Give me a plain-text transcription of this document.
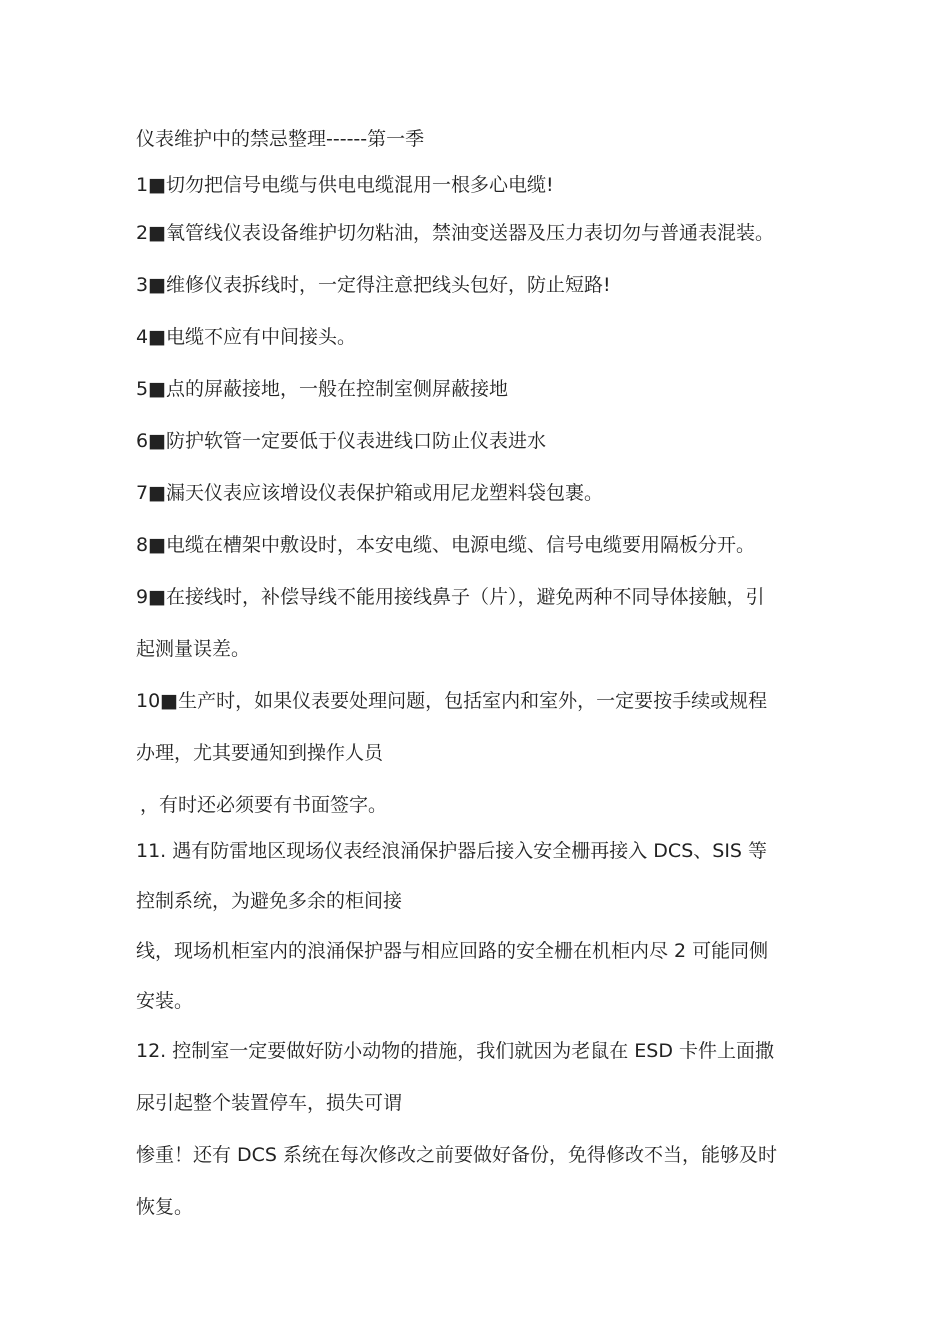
仪表维护中的禁忌整理------第一季
1■切勿把信号电缆与供电电缆混用一根多心电缆!
2■氧管线仪表设备维护切勿粘油，禁油变送器及压力表切勿与普通表混装。
3■维修仪表拆线时，一定得注意把线头包好，防止短路!
4■电缆不应有中间接头。
5■点的屏蔽接地，一般在控制室侧屏蔽接地
6■防护软管一定要低于仪表进线口防止仪表进水
7■漏天仪表应该增设仪表保护箱或用尼龙塑料袋包裹。
8■电缆在槽架中敷设时，本安电缆、电源电缆、信号电缆要用隔板分开。
9■在接线时，补偿导线不能用接线鼻子（片），避免两种不同导体接触，引
起测量误差。
10■生产时，如果仪表要处理问题，包括室内和室外，一定要按手续或规程
办理，尤其要通知到操作人员
，有时还必须要有书面签字。
11. 遇有防雷地区现场仪表经浪涌保护器后接入安全栅再接入 DCS、SIS 等
控制系统，为避免多余的柜间接
线，现场机柜室内的浪涌保护器与相应回路的安全栅在机柜内尽 2 可能同侧
安装。
12. 控制室一定要做好防小动物的措施，我们就因为老鼠在 ESD 卡件上面撒
尿引起整个装置停车，损失可谓
惨重！还有 DCS 系统在每次修改之前要做好备份，免得修改不当，能够及时
恢复。
